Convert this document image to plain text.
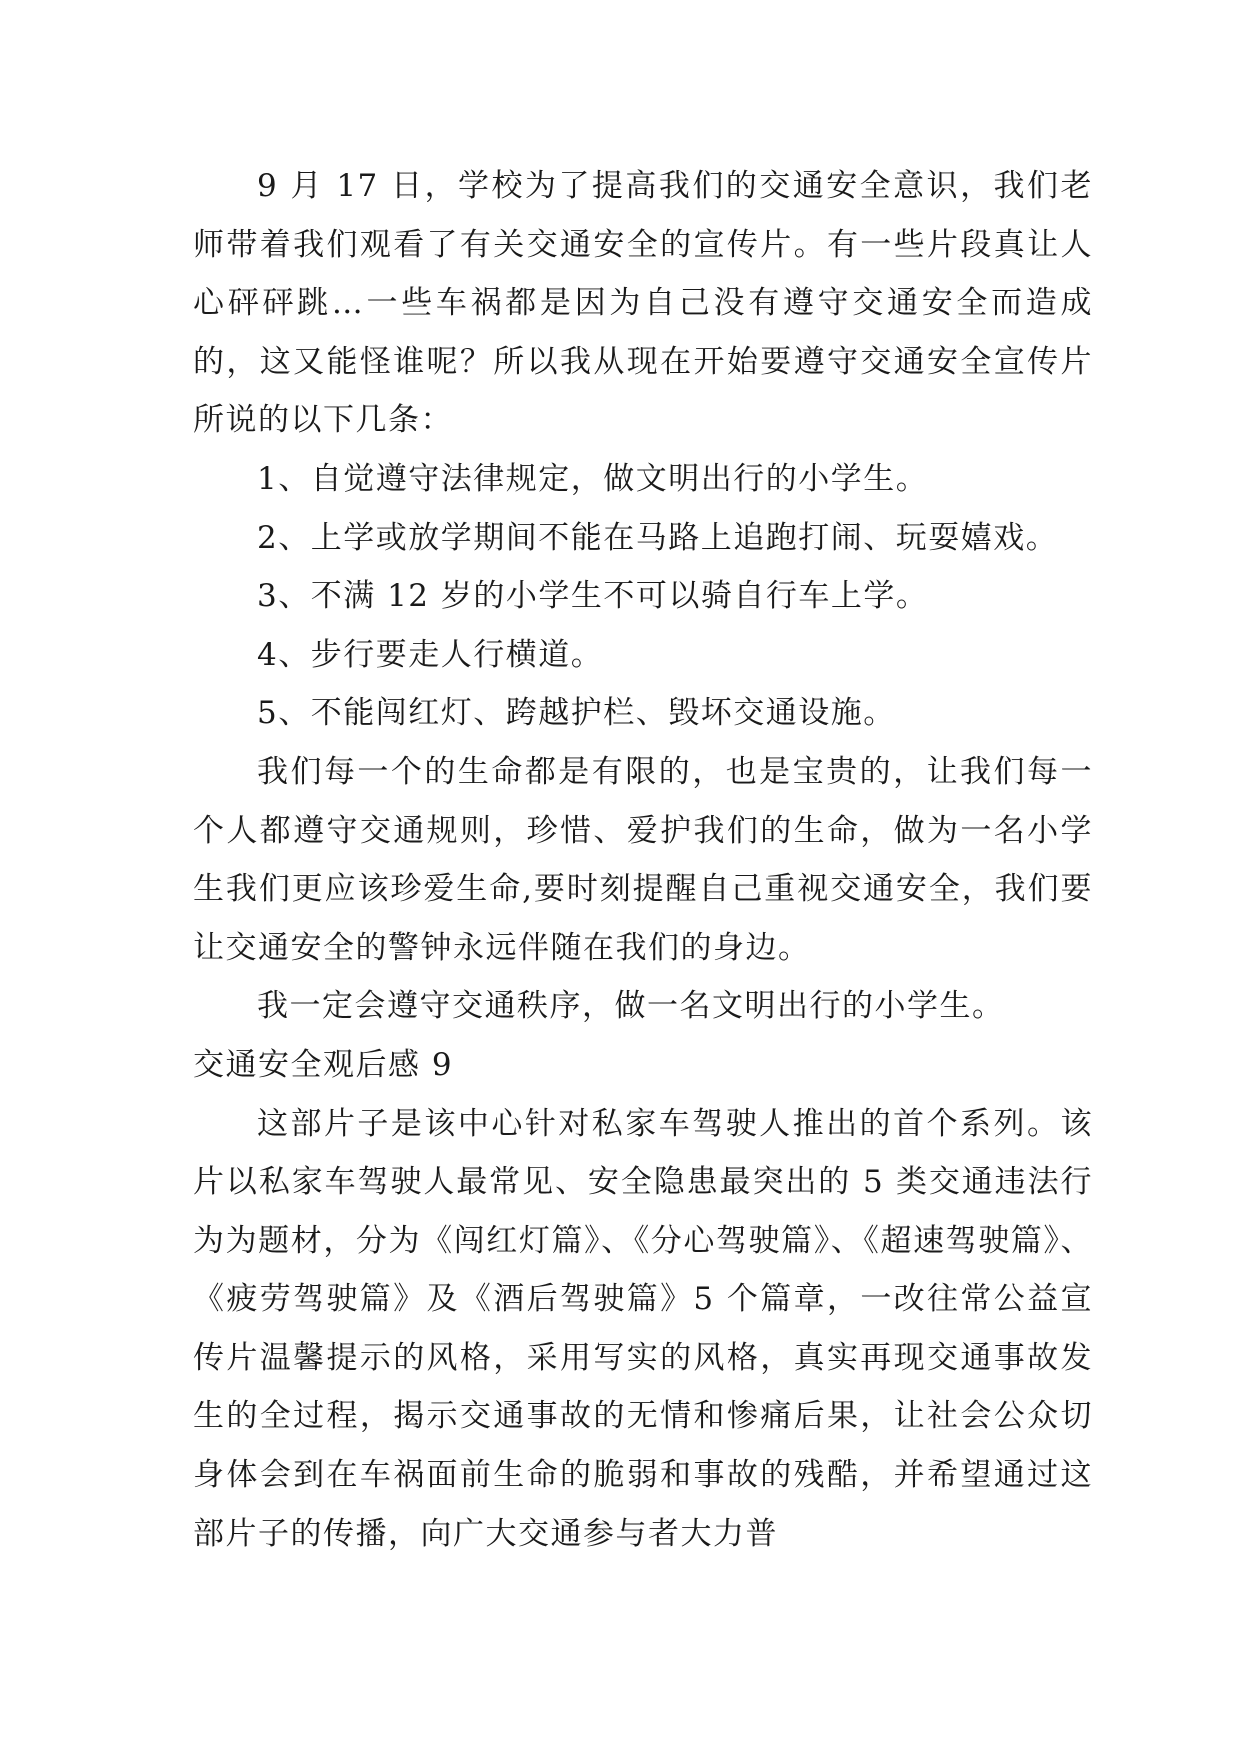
9 月 17 日，学校为了提高我们的交通安全意识，我们老师带着我们观看了有关交通安全的宣传片。有一些片段真让人心砰砰跳…一些车祸都是因为自己没有遵守交通安全而造成的，这又能怪谁呢？所以我从现在开始要遵守交通安全宣传片所说的以下几条：

1、自觉遵守法律规定，做文明出行的小学生。

2、上学或放学期间不能在马路上追跑打闹、玩耍嬉戏。

3、不满 12 岁的小学生不可以骑自行车上学。

4、步行要走人行横道。

5、不能闯红灯、跨越护栏、毁坏交通设施。

我们每一个的生命都是有限的，也是宝贵的，让我们每一个人都遵守交通规则，珍惜、爱护我们的生命，做为一名小学生我们更应该珍爱生命,要时刻提醒自己重视交通安全，我们要让交通安全的警钟永远伴随在我们的身边。

我一定会遵守交通秩序，做一名文明出行的小学生。

交通安全观后感 9

这部片子是该中心针对私家车驾驶人推出的首个系列。该片以私家车驾驶人最常见、安全隐患最突出的 5 类交通违法行为为题材，分为《闯红灯篇》、《分心驾驶篇》、《超速驾驶篇》、《疲劳驾驶篇》及《酒后驾驶篇》5 个篇章，一改往常公益宣传片温馨提示的风格，采用写实的风格，真实再现交通事故发生的全过程，揭示交通事故的无情和惨痛后果，让社会公众切身体会到在车祸面前生命的脆弱和事故的残酷，并希望通过这部片子的传播，向广大交通参与者大力普
